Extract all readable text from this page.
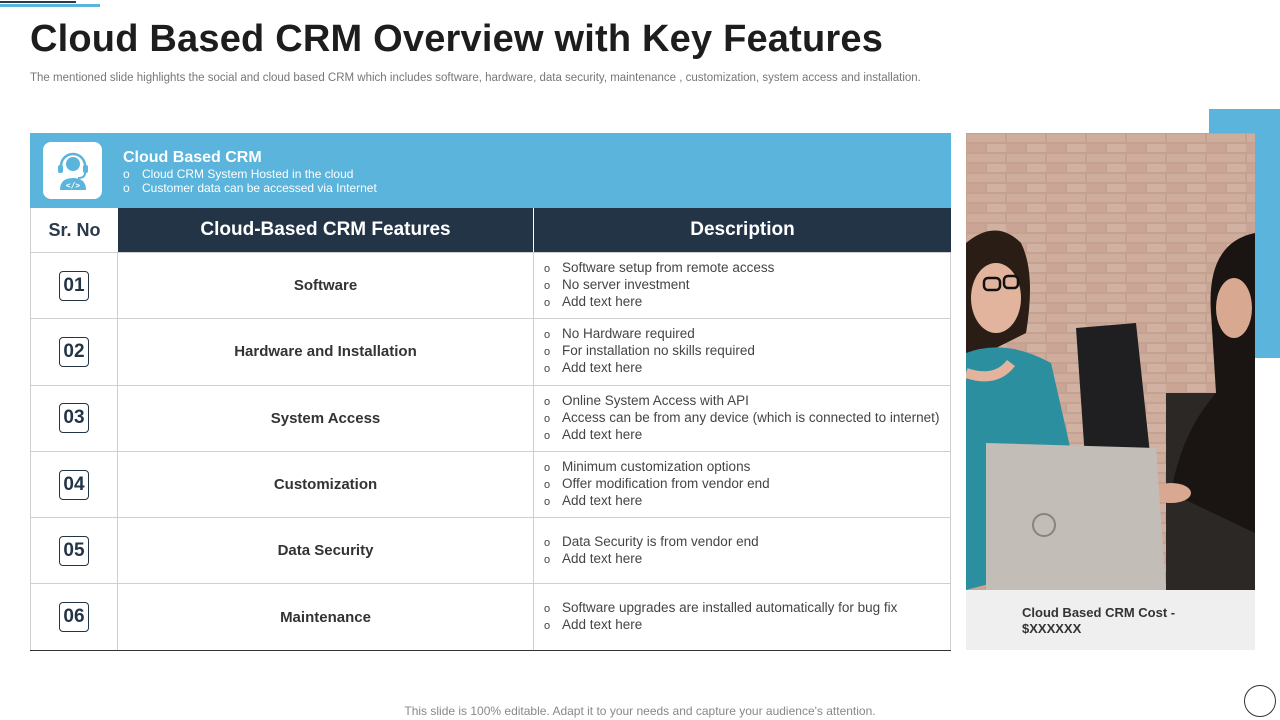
Cloud Based CRM Overview with Key Features

The mentioned slide highlights the social and cloud based CRM which includes software, hardware, data security, maintenance , customization, system access and installation.

</>
Cloud Based CRM
o Cloud CRM System Hosted in the cloud
o Customer data can be accessed via Internet
Sr. No	Cloud-Based CRM Features	Description
01	Software
o Software setup from remote access
o No server investment
o Add text here
02	Hardware and Installation
o No Hardware required
o For installation no skills required
o Add text here
03	System Access
o Online System Access with API
o Access can be from any device (which is connected to internet)
o Add text here
04	Customization
o Minimum customization options
o Offer modification from vendor end
o Add text here
05	Data Security	o Data Security is from vendor end
o Add text here
06	Maintenance	o Software upgrades are installed automatically for bug fix
o Add text here
Cloud Based CRM Cost -
$XXXXXX
This slide is 100% editable. Adapt it to your needs and capture your audience's attention.
